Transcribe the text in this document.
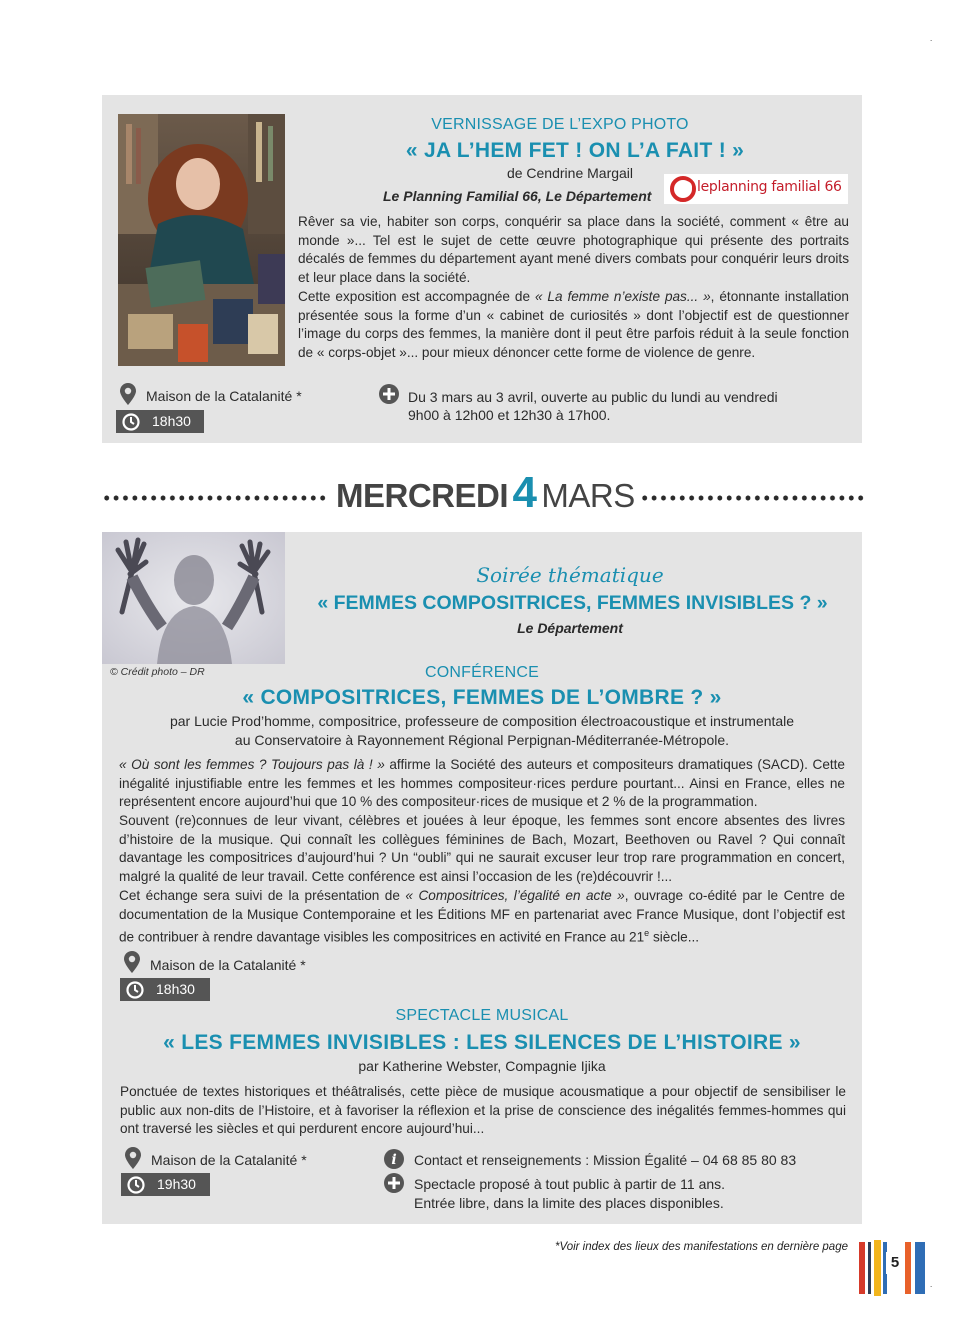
.
VERNISSAGE DE L’EXPO PHOTO
« JA L’HEM FET ! ON L’A FAIT ! »
de Cendrine Margail
Le Planning Familial 66, Le Département
leplanning familial 66
Rêver sa vie, habiter son corps, conquérir sa place dans la société, comment « être au monde »... Tel est le sujet de cette œuvre photographique qui présente des portraits décalés de femmes du département ayant mené divers combats pour conquérir leurs droits et leur place dans la société.
Cette exposition est accompagnée de « La femme n’existe pas... », étonnante installation présentée sous la forme d’un « cabinet de curiosités » dont l’objectif est de questionner l’image du corps des femmes, la manière dont il peut être parfois réduit à la seule fonction de « corps-objet »... pour mieux dénoncer cette forme de violence de genre.
Maison de la Catalanité *
18h30
Du 3 mars au 3 avril, ouverte au public du lundi au vendredi
9h00 à 12h00 et 12h30 à 17h00.
MERCREDI 4 MARS
© Crédit photo – DR
Soirée thématique
« FEMMES COMPOSITRICES, FEMMES INVISIBLES ? »
Le Département
CONFÉRENCE
« COMPOSITRICES, FEMMES DE L’OMBRE ? »
par Lucie Prod’homme, compositrice, professeure de composition électroacoustique et instrumentale
au Conservatoire à Rayonnement Régional Perpignan-Méditerranée-Métropole.
« Où sont les femmes ? Toujours pas là ! » affirme la Société des auteurs et compositeurs dramatiques (SACD). Cette inégalité injustifiable entre les femmes et les hommes compositeur·rices perdure pourtant... Ainsi en France, elles ne représentent encore aujourd’hui que 10 % des compositeur·rices de musique et 2 % de la programmation.
Souvent (re)connues de leur vivant, célèbres et jouées à leur époque, les femmes sont encore absentes des livres d’histoire de la musique. Qui connaît les collègues féminines de Bach, Mozart, Beethoven ou Ravel ? Qui connaît davantage les compositrices d’aujourd’hui ? Un “oubli” qui ne saurait excuser leur trop rare programmation en concert, malgré la qualité de leur travail. Cette conférence est ainsi l’occasion de les (re)découvrir !...
Cet échange sera suivi de la présentation de « Compositrices, l’égalité en acte », ouvrage co-édité par le Centre de documentation de la Musique Contemporaine et les Éditions MF en partenariat avec France Musique, dont l’objectif est de contribuer à rendre davantage visibles les compositrices en activité en France au 21e siècle...
Maison de la Catalanité *
18h30
SPECTACLE MUSICAL
« LES FEMMES INVISIBLES : LES SILENCES DE L’HISTOIRE »
par Katherine Webster, Compagnie Ijika
Ponctuée de textes historiques et théâtralisés, cette pièce de musique acousmatique a pour objectif de sensibiliser le public aux non-dits de l’Histoire, et à favoriser la réflexion et la prise de conscience des inégalités femmes-hommes qui ont traversé les siècles et qui perdurent encore aujourd’hui...
Maison de la Catalanité *
19h30
i Contact et renseignements : Mission Égalité – 04 68 85 80 83
Spectacle proposé à tout public à partir de 11 ans.
Entrée libre, dans la limite des places disponibles.
*Voir index des lieux des manifestations en dernière page
5
.
